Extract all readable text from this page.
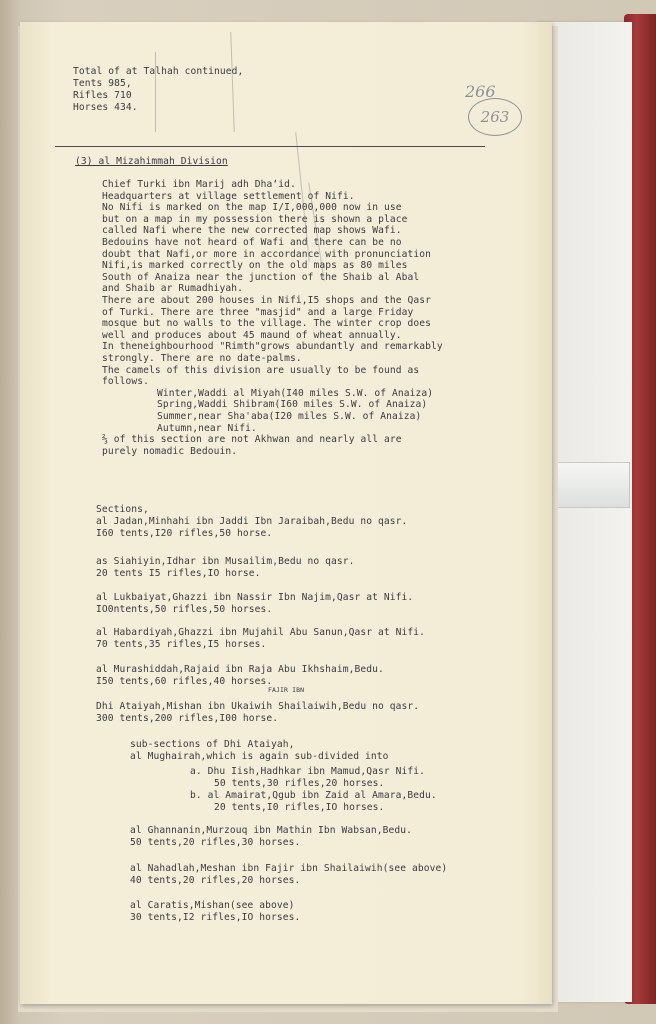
266
263
Total of at Talhah continued,
Tents 985,
Rifles 710
Horses 434.
(3) al Mizahimmah Division
Chief Turki ibn Marij adh Dhaʻid.
Headquarters at village settlement of Nifi.
No Nifi is marked on the map I/I,000,000 now in use
but on a map in my possession there is shown a place
called Nafi where the new corrected map shows Wafi.
Bedouins have not heard of Wafi and there can be no
doubt that Nafi,or more in accordance with pronunciation
Nifi,is marked correctly on the old maps as 80 miles
South of Anaiza near the junction of the Shaib al Abal
and Shaib ar Rumadhiyah.
There are about 200 houses in Nifi,I5 shops and the Qasr
of Turki. There are three "masjid" and a large Friday
mosque but no walls to the village. The winter crop does
well and produces about 45 maund of wheat annually.
In theneighbourhood "Rimth"grows abundantly and remarkably
strongly. There are no date-palms.
The camels of this division are usually to be found as
follows.
Winter,Waddi al Miyah(I40 miles S.W. of Anaiza)
Spring,Waddi Shibram(I60 miles S.W. of Anaiza)
Summer,near Sha'aba(I20 miles S.W. of Anaiza)
Autumn,near Nifi.
⅔ of this section are not Akhwan and nearly all are
purely nomadic Bedouin.
Sections,
al Jadan,Minhahi ibn Jaddi Ibn Jaraibah,Bedu no qasr.
I60 tents,I20 rifles,50 horse.
as Siahiyin,Idhar ibn Musailim,Bedu no qasr.
20 tents I5 rifles,IO horse.
al Lukbaiyat,Ghazzi ibn Nassir Ibn Najim,Qasr at Nifi.
IO0ntents,50 rifles,50 horses.
al Habardiyah,Ghazzi ibn Mujahil Abu Sanun,Qasr at Nifi.
70 tents,35 rifles,I5 horses.
al Murashiddah,Rajaid ibn Raja Abu Ikhshaim,Bedu.
I50 tents,60 rifles,40 horses.
Dhi Ataiyah,Mishan ibn Ukaiwih Shailaiwih,Bedu no qasr.
300 tents,200 rifles,I00 horse.
FAJIR IBN
sub-sections of Dhi Ataiyah,
al Mughairah,which is again sub-divided into
a. Dhu Iish,Hadhkar ibn Mamud,Qasr Nifi.
50 tents,30 rifles,20 horses.
b. al Amairat,Qgub ibn Zaid al Amara,Bedu.
20 tents,I0 rifles,IO horses.
al Ghannanin,Murzouq ibn Mathin Ibn Wabsan,Bedu.
50 tents,20 rifles,30 horses.
al Nahadlah,Meshan ibn Fajir ibn Shailaiwih(see above)
40 tents,20 rifles,20 horses.
al Caratis,Mishan(see above)
30 tents,I2 rifles,IO horses.
